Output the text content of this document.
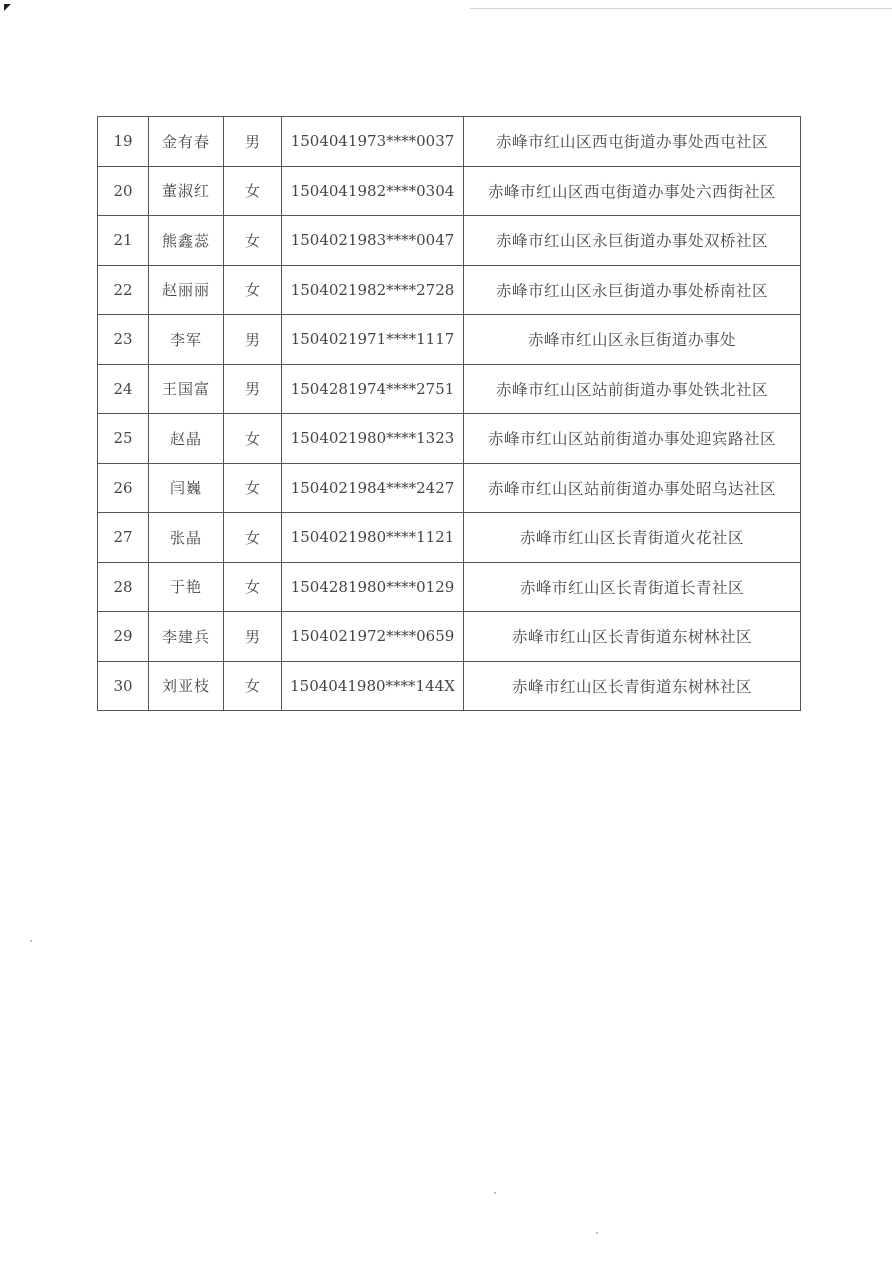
19	金有春	男	1504041973****0037	赤峰市红山区西屯街道办事处西屯社区
20	董淑红	女	1504041982****0304	赤峰市红山区西屯街道办事处六西街社区
21	熊鑫蕊	女	1504021983****0047	赤峰市红山区永巨街道办事处双桥社区
22	赵丽丽	女	1504021982****2728	赤峰市红山区永巨街道办事处桥南社区
23	李军	男	1504021971****1117	赤峰市红山区永巨街道办事处
24	王国富	男	1504281974****2751	赤峰市红山区站前街道办事处铁北社区
25	赵晶	女	1504021980****1323	赤峰市红山区站前街道办事处迎宾路社区
26	闫巍	女	1504021984****2427	赤峰市红山区站前街道办事处昭乌达社区
27	张晶	女	1504021980****1121	赤峰市红山区长青街道火花社区
28	于艳	女	1504281980****0129	赤峰市红山区长青街道长青社区
29	李建兵	男	1504021972****0659	赤峰市红山区长青街道东树林社区
30	刘亚枝	女	1504041980****144X	赤峰市红山区长青街道东树林社区
